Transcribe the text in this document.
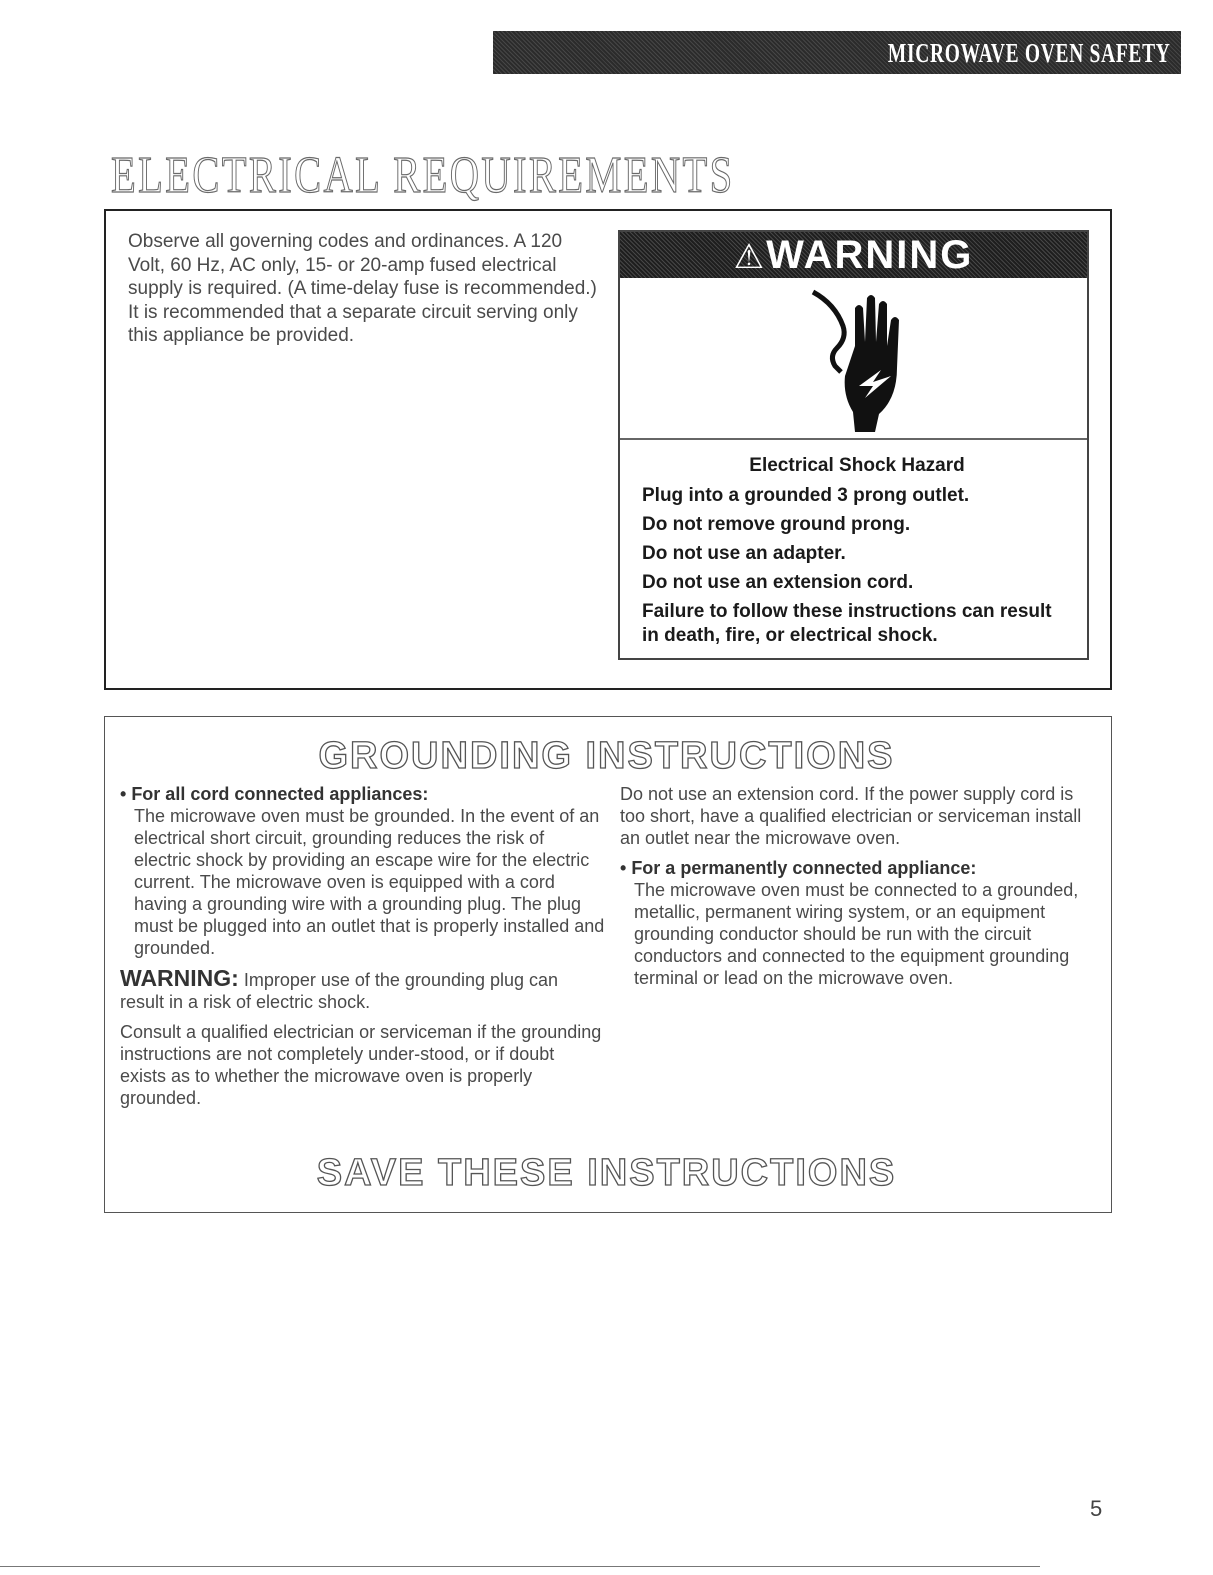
MICROWAVE OVEN SAFETY
ELECTRICAL REQUIREMENTS
Observe all governing codes and ordinances. A 120 Volt, 60 Hz, AC only, 15- or 20-amp fused electrical supply is required. (A time-delay fuse is recommended.) It is recommended that a separate circuit serving only this appliance be provided.
⚠WARNING
Electrical Shock Hazard

Plug into a grounded 3 prong outlet.

Do not remove ground prong.

Do not use an adapter.

Do not use an extension cord.

Failure to follow these instructions can result in death, fire, or electrical shock.

GROUNDING INSTRUCTIONS
• For all cord connected appliances:
The microwave oven must be grounded. In the event of an electrical short circuit, grounding reduces the risk of electric shock by providing an escape wire for the electric current. The microwave oven is equipped with a cord having a grounding wire with a grounding plug. The plug must be plugged into an outlet that is properly installed and grounded.
WARNING: Improper use of the grounding plug can result in a risk of electric shock.
Consult a qualified electrician or serviceman if the grounding instructions are not completely under-stood, or if doubt exists as to whether the microwave oven is properly grounded.
Do not use an extension cord. If the power supply cord is too short, have a qualified electrician or serviceman install an outlet near the microwave oven.
• For a permanently connected appliance:
The microwave oven must be connected to a grounded, metallic, permanent wiring system, or an equipment grounding conductor should be run with the circuit conductors and connected to the equipment grounding terminal or lead on the microwave oven.
SAVE THESE INSTRUCTIONS
5
